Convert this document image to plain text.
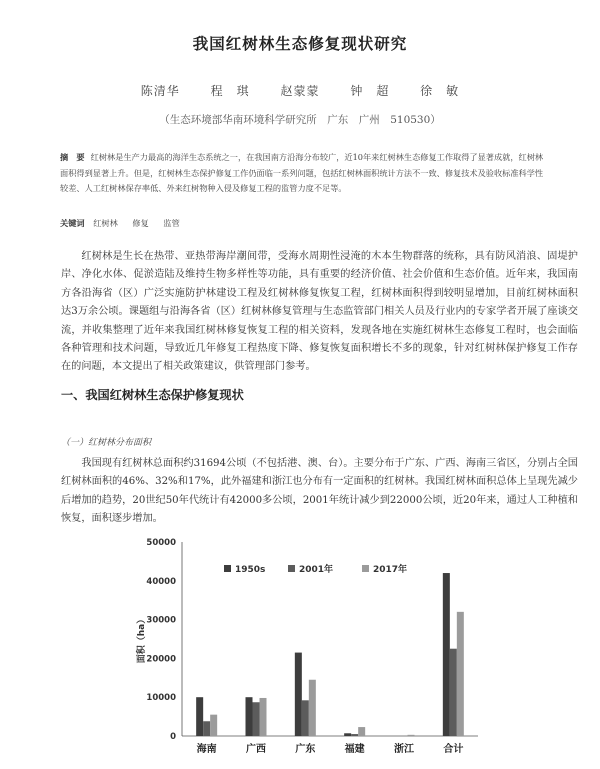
我国红树林生态修复现状研究
陈清华	程　琪	赵蒙蒙	钟　超	徐　敏
（生态环境部华南环境科学研究所　广东　广州　510530）
摘　要 红树林是生产力最高的海洋生态系统之一，在我国南方沿海分布较广，近10年来红树林生态修复工作取得了显著成就，红树林面积得到显著上升。但是，红树林生态保护修复工作仍面临一系列问题，包括红树林面积统计方法不一致、修复技术及验收标准科学性较差、人工红树林保存率低、外来红树物种入侵及修复工程的监管力度不足等。
关键词 红树林 修复 监管
红树林是生长在热带、亚热带海岸潮间带，受海水周期性浸淹的木本生物群落的统称，具有防风消浪、固堤护岸、净化水体、促淤造陆及维持生物多样性等功能，具有重要的经济价值、社会价值和生态价值。近年来，我国南方各沿海省（区）广泛实施防护林建设工程及红树林修复恢复工程，红树林面积得到较明显增加，目前红树林面积达3万余公顷。课题组与沿海各省（区）红树林修复管理与生态监管部门相关人员及行业内的专家学者开展了座谈交流，并收集整理了近年来我国红树林修复恢复工程的相关资料，发现各地在实施红树林生态修复工程时，也会面临各种管理和技术问题，导致近几年修复工程热度下降、修复恢复面积增长不多的现象，针对红树林保护修复工作存在的问题，本文提出了相关政策建议，供管理部门参考。
一、我国红树林生态保护修复现状
（一）红树林分布面积
我国现有红树林总面积约31694公顷（不包括港、澳、台）。主要分布于广东、广西、海南三省区，分别占全国红树林面积的46%、32%和17%，此外福建和浙江也分布有一定面积的红树林。我国红树林面积总体上呈现先减少后增加的趋势，20世纪50年代统计有42000多公顷，2001年统计减少到22000公顷，近20年来，通过人工种植和恢复，面积逐步增加。
0
10000
20000
30000
40000
50000
面积（ha）
海南	广西	广东	福建	浙江	合计
1950s	2001年	2017年
